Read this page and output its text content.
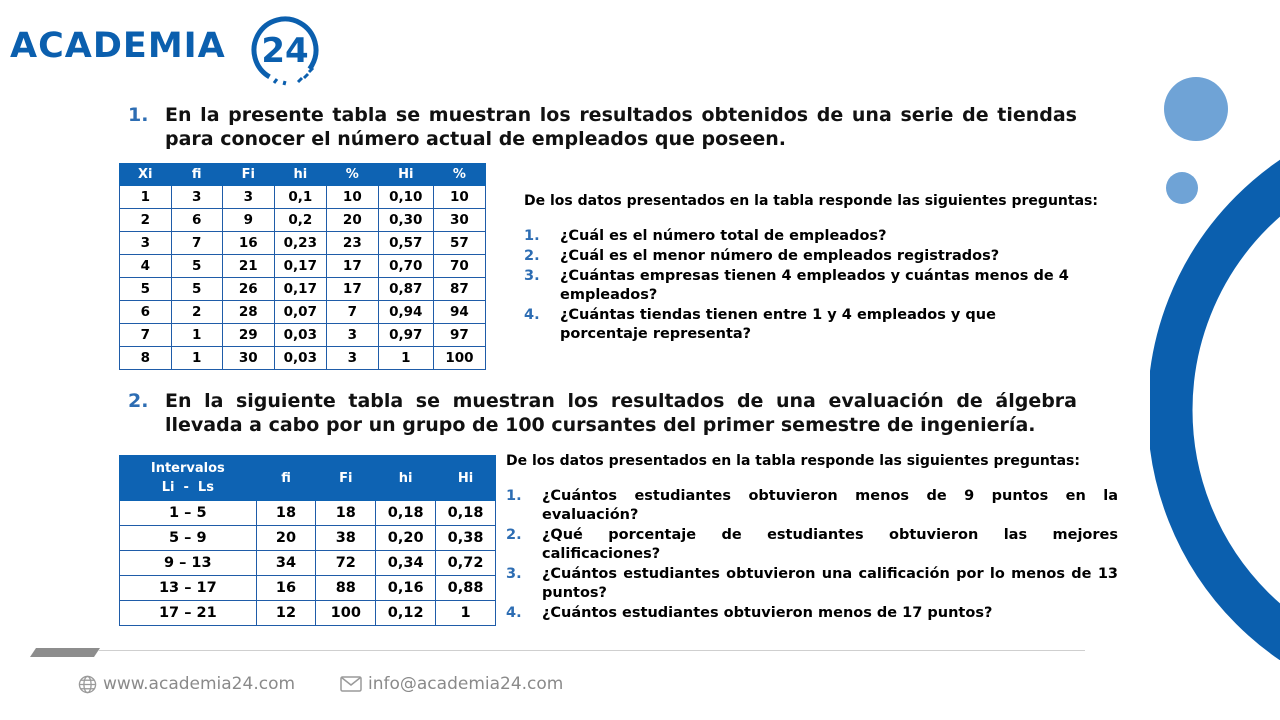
ACADEMIA 24
1. En la presente tabla se muestran los resultados obtenidos de una serie de tiendas para conocer el número actual de empleados que poseen.
Xi	fi	Fi	hi	%	Hi	%
1	3	3	0,1	10	0,10	10
2	6	9	0,2	20	0,30	30
3	7	16	0,23	23	0,57	57
4	5	21	0,17	17	0,70	70
5	5	26	0,17	17	0,87	87
6	2	28	0,07	7	0,94	94
7	1	29	0,03	3	0,97	97
8	1	30	0,03	3	1	100
De los datos presentados en la tabla responde las siguientes preguntas:
1. ¿Cuál es el número total de empleados?
2. ¿Cuál es el menor número de empleados registrados?
3. ¿Cuántas empresas tienen 4 empleados y cuántas menos de 4 empleados?
4. ¿Cuántas tiendas tienen entre 1 y 4 empleados y que porcentaje representa?
2. En la siguiente tabla se muestran los resultados de una evaluación de álgebra llevada a cabo por un grupo de 100 cursantes del primer semestre de ingeniería.
Intervalos
Li  -  Ls	fi	Fi	hi	Hi
1 – 5	18	18	0,18	0,18
5 – 9	20	38	0,20	0,38
9 – 13	34	72	0,34	0,72
13 – 17	16	88	0,16	0,88
17 – 21	12	100	0,12	1
De los datos presentados en la tabla responde las siguientes preguntas:
1. ¿Cuántos estudiantes obtuvieron menos de 9 puntos en la evaluación?
2. ¿Qué porcentaje de estudiantes obtuvieron las mejores calificaciones?
3. ¿Cuántos estudiantes obtuvieron una calificación por lo menos de 13 puntos?
4. ¿Cuántos estudiantes obtuvieron menos de 17 puntos?
www.academia24.com	info@academia24.com
